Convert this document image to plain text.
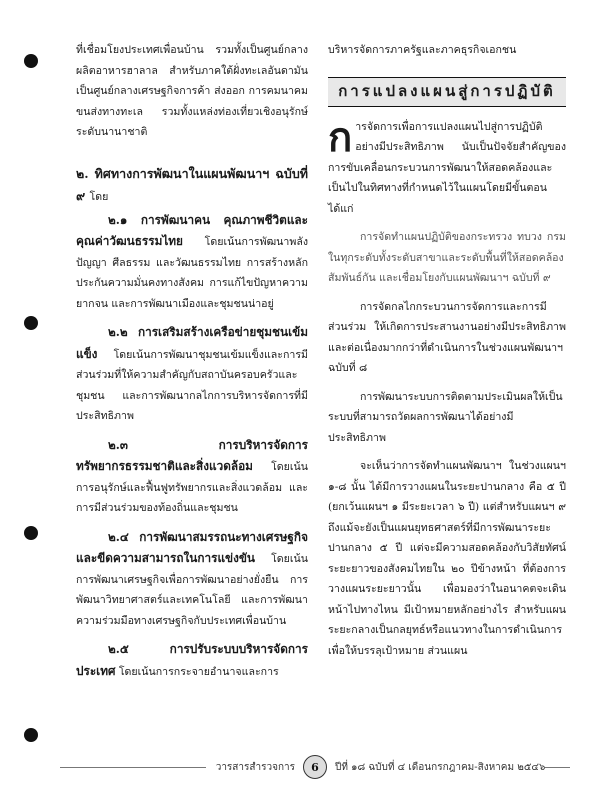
ที่เชื่อมโยงประเทศเพื่อนบ้าน รวมทั้งเป็นศูนย์กลางผลิตอาหารฮาลาล สำหรับภาคใต้ฝั่งทะเลอันดามัน เป็นศูนย์กลางเศรษฐกิจการค้า ส่งออก การคมนาคมขนส่งทางทะเล รวมทั้งแหล่งท่องเที่ยวเชิงอนุรักษ์ระดับนานาชาติ

๒. ทิศทางการพัฒนาในแผนพัฒนาฯ ฉบับที่ ๙ โดย

๒.๑ การพัฒนาคน คุณภาพชีวิตและคุณค่าวัฒนธรรมไทย โดยเน้นการพัฒนาพลังปัญญา ศีลธรรม และวัฒนธรรมไทย การสร้างหลักประกันความมั่นคงทางสังคม การแก้ไขปัญหาความยากจน และการพัฒนาเมืองและชุมชนน่าอยู่

๒.๒ การเสริมสร้างเครือข่ายชุมชนเข้มแข็ง โดยเน้นการพัฒนาชุมชนเข้มแข็งและการมีส่วนร่วมที่ให้ความสำคัญกับสถาบันครอบครัวและชุมชน และการพัฒนากลไกการบริหารจัดการที่มีประสิทธิภาพ

๒.๓ การบริหารจัดการทรัพยากรธรรมชาติและสิ่งแวดล้อม โดยเน้นการอนุรักษ์และฟื้นฟูทรัพยากรและสิ่งแวดล้อม และการมีส่วนร่วมของท้องถิ่นและชุมชน

๒.๔ การพัฒนาสมรรถนะทางเศรษฐกิจและขีดความสามารถในการแข่งขัน โดยเน้นการพัฒนาเศรษฐกิจเพื่อการพัฒนาอย่างยั่งยืน การพัฒนาวิทยาศาสตร์และเทคโนโลยี และการพัฒนาความร่วมมือทางเศรษฐกิจกับประเทศเพื่อนบ้าน

๒.๕ การปรับระบบบริหารจัดการประเทศ โดยเน้นการกระจายอำนาจและการ

บริหารจัดการภาครัฐและภาคธุรกิจเอกชน

การแปลงแผนสู่การปฏิบัติ

การจัดการเพื่อการแปลงแผนไปสู่การปฏิบัติอย่างมีประสิทธิภาพ นับเป็นปัจจัยสำคัญของการขับเคลื่อนกระบวนการพัฒนาให้สอดคล้องและเป็นไปในทิศทางที่กำหนดไว้ในแผนโดยมีขั้นตอนได้แก่

การจัดทำแผนปฏิบัติของกระทรวง ทบวง กรม ในทุกระดับทั้งระดับสาขาและระดับพื้นที่ให้สอดคล้องสัมพันธ์กัน และเชื่อมโยงกับแผนพัฒนาฯ ฉบับที่ ๙

การจัดกลไกกระบวนการจัดการและการมีส่วนร่วม ให้เกิดการประสานงานอย่างมีประสิทธิภาพและต่อเนื่องมากกว่าที่ดำเนินการในช่วงแผนพัฒนาฯ ฉบับที่ ๘

การพัฒนาระบบการติดตามประเมินผลให้เป็นระบบที่สามารถวัดผลการพัฒนาได้อย่างมีประสิทธิภาพ

จะเห็นว่าการจัดทำแผนพัฒนาฯ ในช่วงแผนฯ ๑-๘ นั้น ได้มีการวางแผนในระยะปานกลาง คือ ๕ ปี (ยกเว้นแผนฯ ๑ มีระยะเวลา ๖ ปี) แต่สำหรับแผนฯ ๙ ถึงแม้จะยังเป็นแผนยุทธศาสตร์ที่มีการพัฒนาระยะปานกลาง ๕ ปี แต่จะมีความสอดคล้องกับวิสัยทัศน์ระยะยาวของสังคมไทยใน ๒๐ ปีข้างหน้า ที่ต้องการวางแผนระยะยาวนั้น เพื่อมองว่าในอนาคตจะเดินหน้าไปทางไหน มีเป้าหมายหลักอย่างไร สำหรับแผนระยะกลางเป็นกลยุทธ์หรือแนวทางในการดำเนินการเพื่อให้บรรลุเป้าหมาย ส่วนแผน

วารสารสำรวจการ	6	ปีที่ ๑๘ ฉบับที่ ๔ เดือนกรกฎาคม-สิงหาคม ๒๕๔๖
